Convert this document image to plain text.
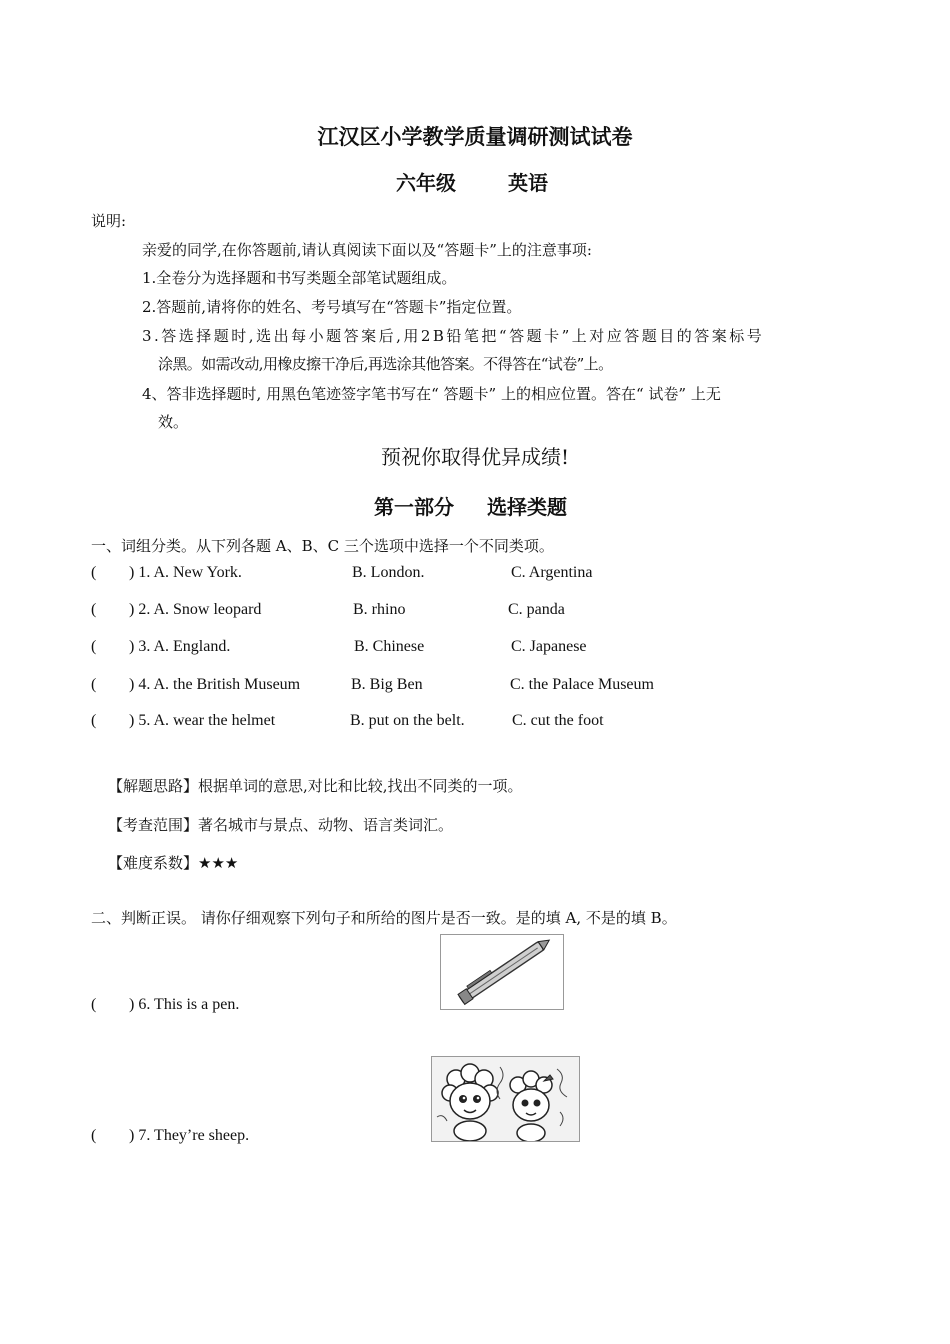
江汉区小学教学质量调研测试试卷
六年级	英语
说明:
亲爱的同学,在你答题前,请认真阅读下面以及“答题卡”上的注意事项:
1.全卷分为选择题和书写类题全部笔试题组成。
2.答题前,请将你的姓名、考号填写在“答题卡”指定位置。
3.答选择题时,选出每小题答案后,用2B铅笔把“答题卡”上对应答题目的答案标号
涂黑。如需改动,用橡皮擦干净后,再选涂其他答案。不得答在“试卷”上。
4、答非选择题时, 用黑色笔迹签字笔书写在“ 答题卡” 上的相应位置。答在“ 试卷” 上无
效。
预祝你取得优异成绩!
第一部分 选择类题
一、词组分类。从下列各题 A、B、C 三个选项中选择一个不同类项。
( ) 1. A. New York.	B. London.	C. Argentina
( ) 2. A. Snow leopard	B. rhino	C. panda
( ) 3. A. England.	B. Chinese	C. Japanese
( ) 4. A. the British Museum	B. Big Ben	C. the Palace Museum
( ) 5. A. wear the helmet	B. put on the belt.	C. cut the foot
【解题思路】根据单词的意思,对比和比较,找出不同类的一项。
【考查范围】著名城市与景点、动物、语言类词汇。
【难度系数】★★★
二、判断正误。 请你仔细观察下列句子和所给的图片是否一致。是的填 A, 不是的填 B。
( ) 6. This is a pen.
( ) 7. They’re sheep.
